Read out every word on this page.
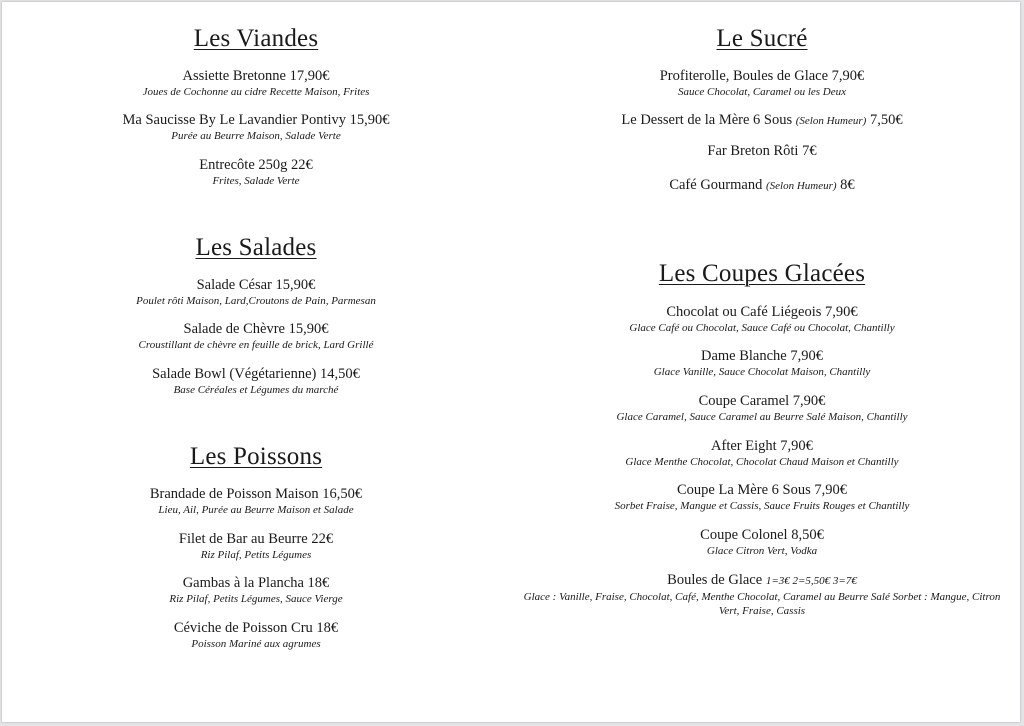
Les Viandes
Assiette Bretonne 17,90€
Joues de Cochonne au cidre Recette Maison, Frites
Ma Saucisse By Le Lavandier Pontivy 15,90€
Purée au Beurre Maison, Salade Verte
Entrecôte 250g 22€
Frites, Salade Verte
Les Salades
Salade César 15,90€
Poulet rôti Maison, Lard,Croutons de Pain, Parmesan
Salade de Chèvre 15,90€
Croustillant de chèvre en feuille de brick, Lard Grillé
Salade Bowl (Végétarienne) 14,50€
Base Céréales et Légumes du marché
Les Poissons
Brandade de Poisson Maison 16,50€
Lieu, Ail, Purée au Beurre Maison et Salade
Filet de Bar au Beurre 22€
Riz Pilaf, Petits Légumes
Gambas à la Plancha 18€
Riz Pilaf, Petits Légumes, Sauce Vierge
Céviche de Poisson Cru 18€
Poisson Mariné aux agrumes
Le Sucré
Profiterolle, Boules de Glace 7,90€
Sauce Chocolat, Caramel ou les Deux
Le Dessert de la Mère 6 Sous (Selon Humeur) 7,50€
Far Breton Rôti 7€
Café Gourmand (Selon Humeur) 8€
Les Coupes Glacées
Chocolat ou Café Liégeois 7,90€
Glace Café ou Chocolat, Sauce Café ou Chocolat, Chantilly
Dame Blanche 7,90€
Glace Vanille, Sauce Chocolat Maison, Chantilly
Coupe Caramel 7,90€
Glace Caramel, Sauce Caramel au Beurre Salé Maison, Chantilly
After Eight 7,90€
Glace Menthe Chocolat, Chocolat Chaud Maison et Chantilly
Coupe La Mère 6 Sous 7,90€
Sorbet Fraise, Mangue et Cassis, Sauce Fruits Rouges et Chantilly
Coupe Colonel 8,50€
Glace Citron Vert, Vodka
Boules de Glace 1=3€ 2=5,50€ 3=7€
Glace : Vanille, Fraise, Chocolat, Café, Menthe Chocolat, Caramel au Beurre Salé Sorbet : Mangue, Citron Vert, Fraise, Cassis
